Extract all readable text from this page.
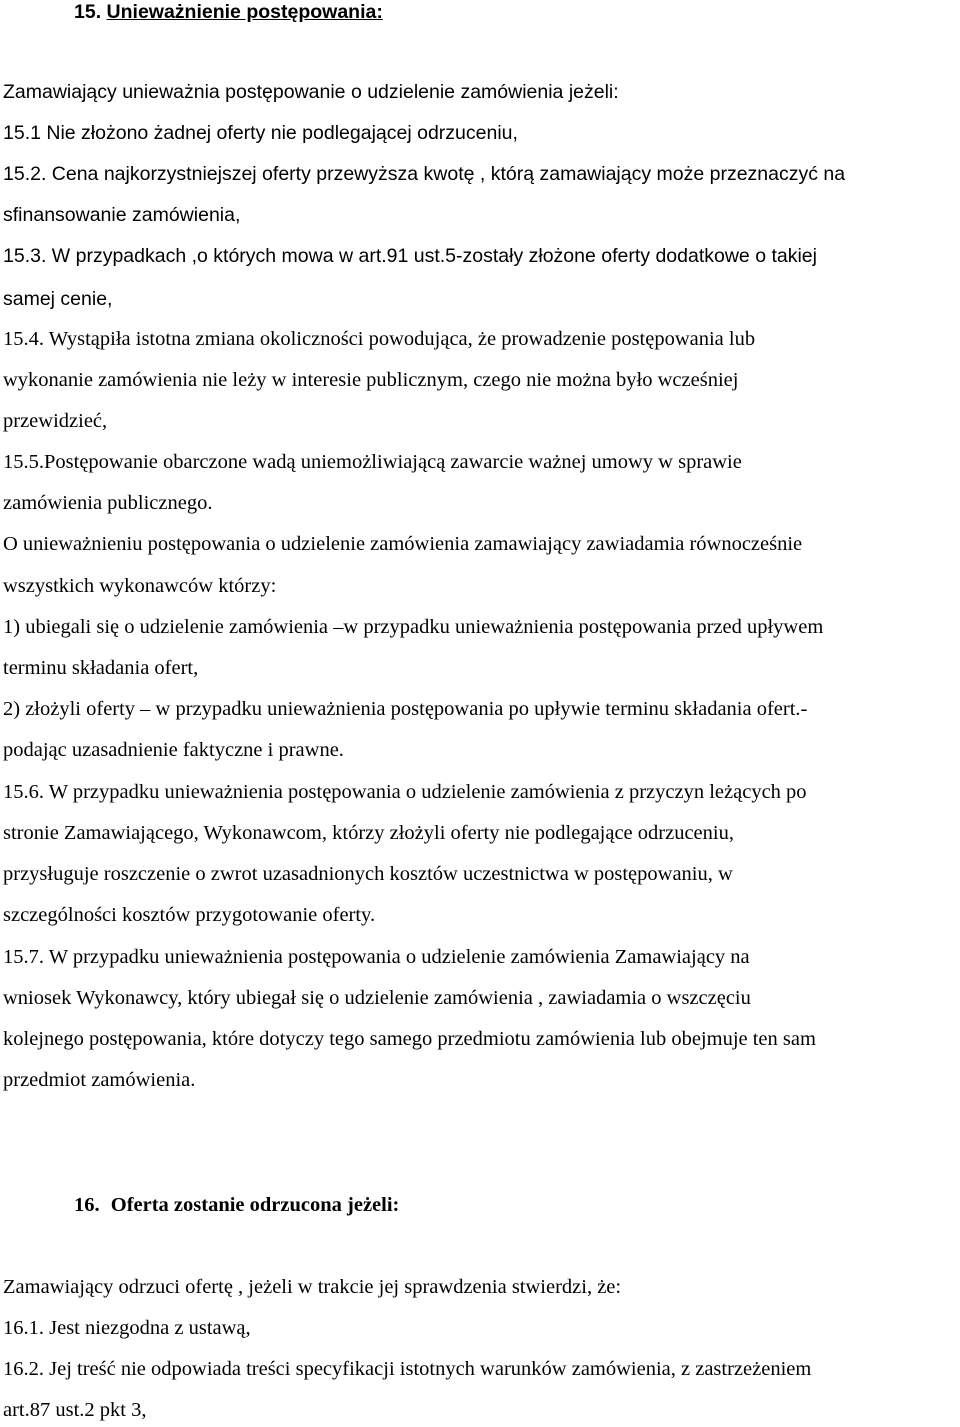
15. Unieważnienie postępowania:
Zamawiający unieważnia postępowanie o udzielenie zamówienia jeżeli:
15.1 Nie złożono żadnej oferty nie podlegającej odrzuceniu,
15.2. Cena najkorzystniejszej oferty przewyższa kwotę , którą zamawiający może przeznaczyć na
sfinansowanie zamówienia,
15.3. W przypadkach ,o których mowa w art.91 ust.5-zostały złożone oferty dodatkowe o takiej
samej cenie,
15.4. Wystąpiła istotna zmiana okoliczności powodująca, że prowadzenie postępowania lub
wykonanie zamówienia nie leży w interesie publicznym, czego nie można było wcześniej
przewidzieć,
15.5.Postępowanie obarczone wadą uniemożliwiającą zawarcie ważnej umowy w sprawie
zamówienia publicznego.
O unieważnieniu postępowania o udzielenie zamówienia zamawiający zawiadamia równocześnie
wszystkich wykonawców którzy:
1) ubiegali się o udzielenie zamówienia –w przypadku unieważnienia postępowania przed upływem
terminu składania ofert,
2) złożyli oferty – w przypadku unieważnienia postępowania po upływie terminu składania ofert.-
podając uzasadnienie faktyczne i prawne.
15.6. W przypadku unieważnienia postępowania o udzielenie zamówienia z przyczyn leżących po
stronie Zamawiającego, Wykonawcom, którzy złożyli oferty nie podlegające odrzuceniu,
przysługuje roszczenie o zwrot uzasadnionych kosztów uczestnictwa w postępowaniu, w
szczególności kosztów przygotowanie oferty.
15.7. W przypadku unieważnienia postępowania o udzielenie zamówienia Zamawiający na
wniosek Wykonawcy, który ubiegał się o udzielenie zamówienia , zawiadamia o wszczęciu
kolejnego postępowania, które dotyczy tego samego przedmiotu zamówienia lub obejmuje ten sam
przedmiot zamówienia.
16. Oferta zostanie odrzucona jeżeli:
Zamawiający odrzuci ofertę , jeżeli w trakcie jej sprawdzenia stwierdzi, że:
16.1. Jest niezgodna z ustawą,
16.2. Jej treść nie odpowiada treści specyfikacji istotnych warunków zamówienia, z zastrzeżeniem
art.87 ust.2 pkt 3,
